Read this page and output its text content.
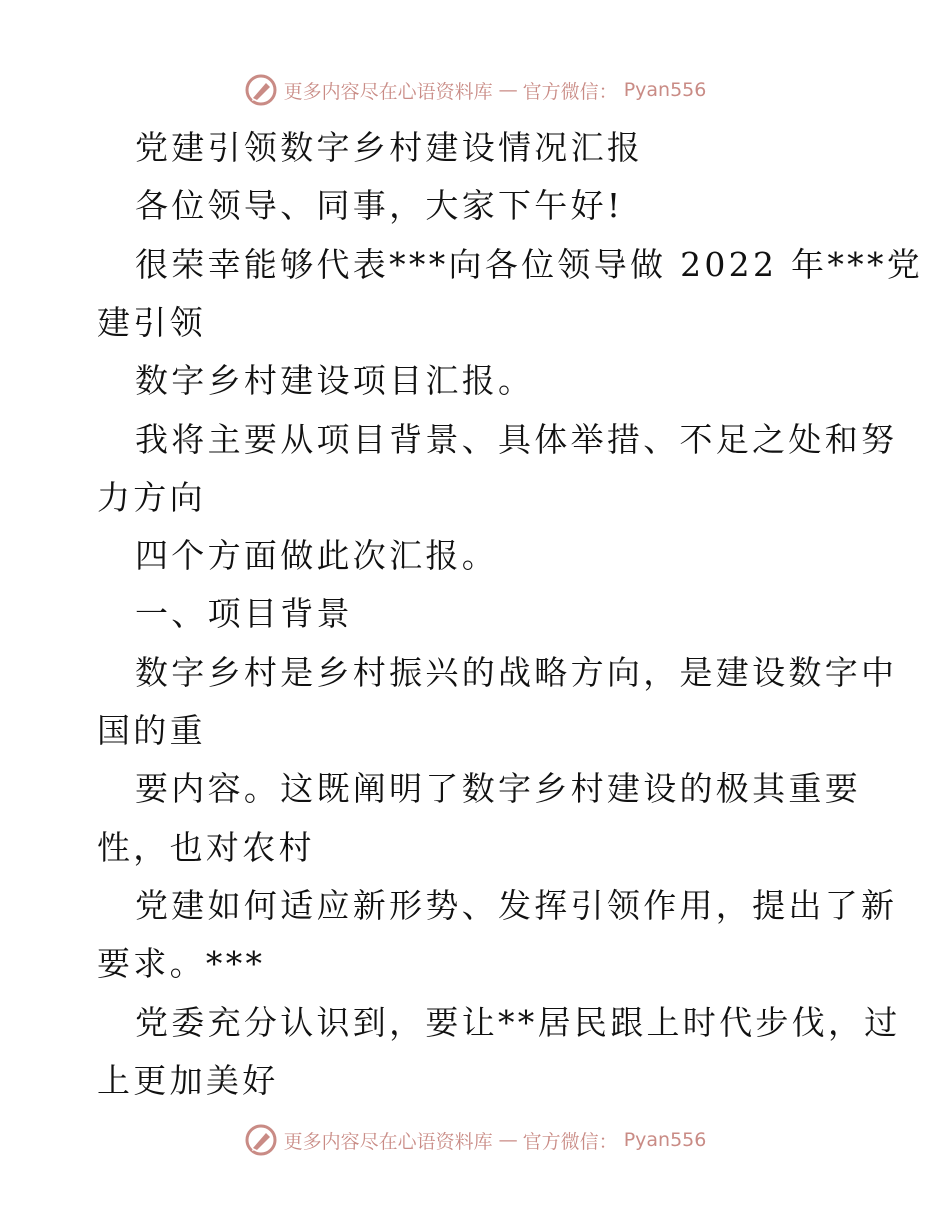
更多内容尽在心语资料库 — 官方微信： Pyan556
党建引领数字乡村建设情况汇报
各位领导、同事，大家下午好!
很荣幸能够代表***向各位领导做 2022 年***党
建引领
数字乡村建设项目汇报。
我将主要从项目背景、具体举措、不足之处和努
力方向
四个方面做此次汇报。
一、项目背景
数字乡村是乡村振兴的战略方向，是建设数字中
国的重
要内容。这既阐明了数字乡村建设的极其重要
性，也对农村
党建如何适应新形势、发挥引领作用，提出了新
要求。***
党委充分认识到，要让**居民跟上时代步伐，过
上更加美好
更多内容尽在心语资料库 — 官方微信： Pyan556
